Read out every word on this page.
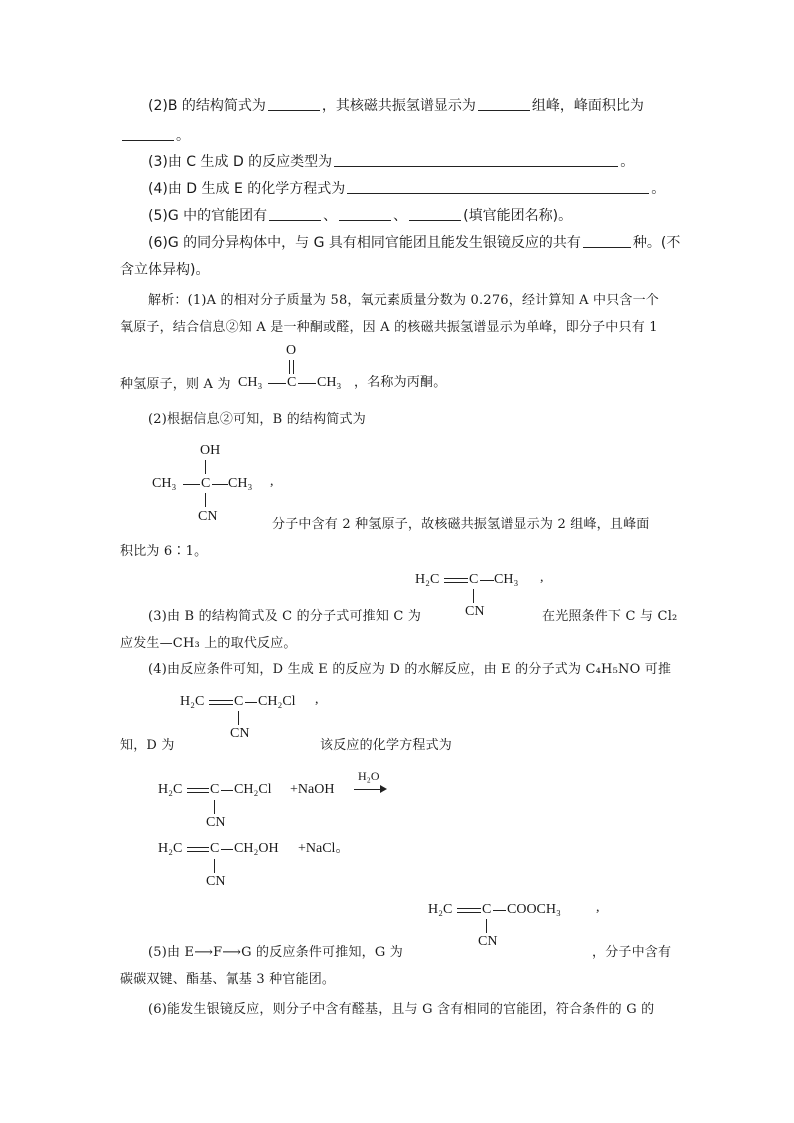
(2)B 的结构简式为	，其核磁共振氢谱显示为	组峰，峰面积比为
。
(3)由 C 生成 D 的反应类型为	。
(4)由 D 生成 E 的化学方程式为	。
(5)G 中的官能团有	、	、	(填官能团名称)。
(6)G 的同分异构体中，与 G 具有相同官能团且能发生银镜反应的共有	种。(不
含立体异构)。
解析：(1)A 的相对分子质量为 58，氧元素质量分数为 0.276，经计算知 A 中只含一个
氧原子，结合信息②知 A 是一种酮或醛，因 A 的核磁共振氢谱显示为单峰，即分子中只有 1
种氢原子，则 A 为
O
CH₃ C CH₃ ，名称为丙酮。
(2)根据信息②可知，B 的结构简式为
OH
CH₃ C CH₃ ,
CN
分子中含有 2 种氢原子，故核磁共振氢谱显示为 2 组峰，且峰面
积比为 6∶1。
H₂C C CH₃ ,
CN
(3)由 B 的结构简式及 C 的分子式可推知 C 为	在光照条件下 C 与 Cl₂
应发生—CH₃ 上的取代反应。
(4)由反应条件可知，D 生成 E 的反应为 D 的水解反应，由 E 的分子式为 C₄H₅NO 可推
H₂C C CH₂Cl ,
CN
知，D 为	该反应的化学方程式为
H₂C C CH₂Cl +NaOH
H₂O
CN
H₂C C CH₂OH +NaCl。
CN
H₂C C COOCH₃	,
CN
(5)由 E⟶F⟶G 的反应条件可推知，G 为	，分子中含有
碳碳双键、酯基、氰基 3 种官能团。
(6)能发生银镜反应，则分子中含有醛基，且与 G 含有相同的官能团，符合条件的 G 的
